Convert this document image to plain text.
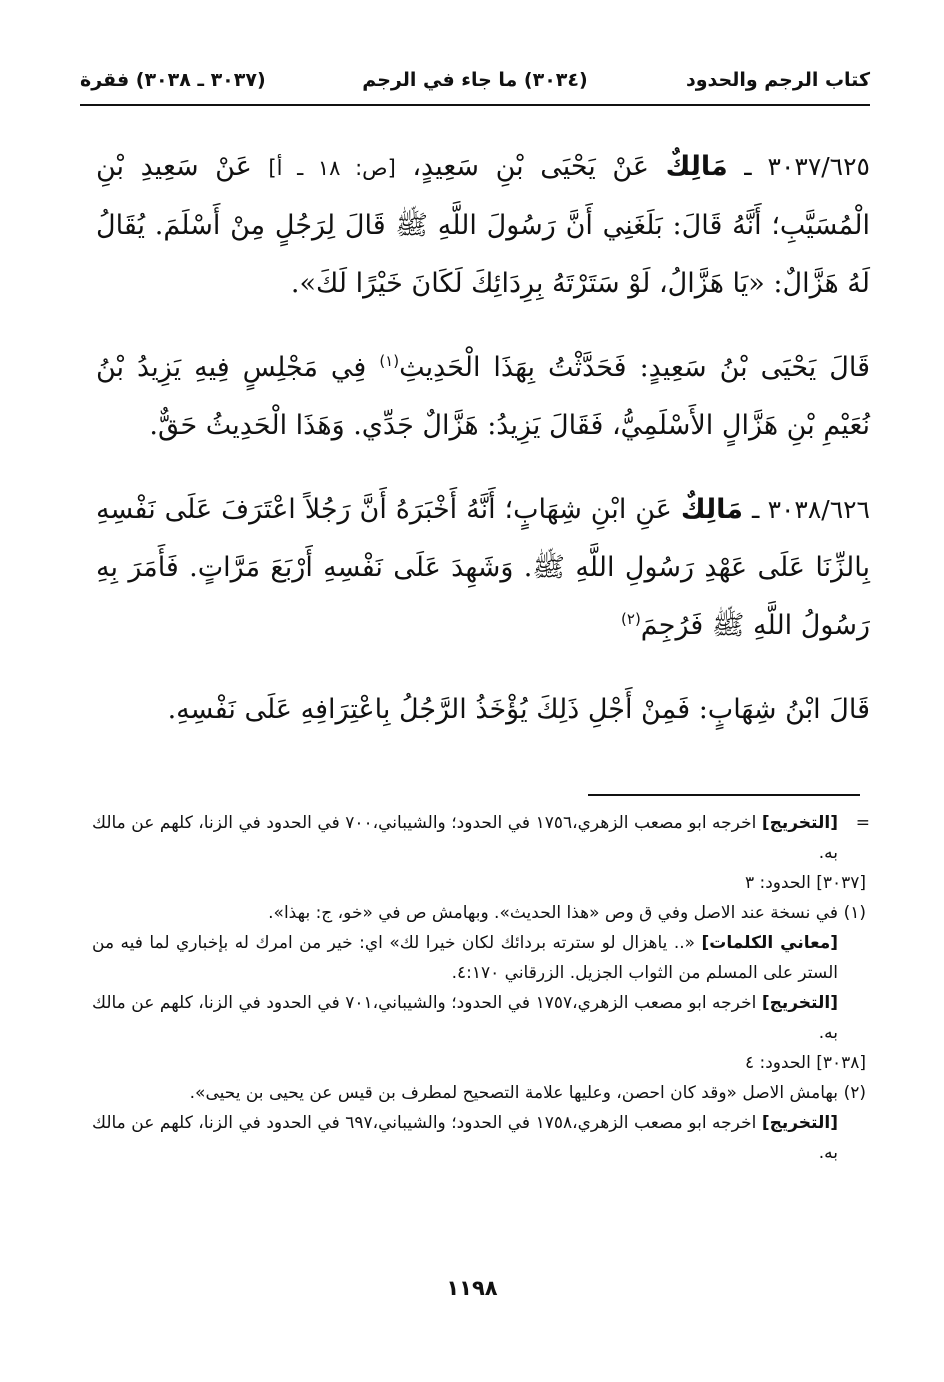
كتاب الرجم والحدود
(٣٠٣٤) ما جاء في الرجم
(٣٠٣٧ ـ ٣٠٣٨) فقرة

٣٠٣٧/٦٢٥ ـ مَالِكٌ عَنْ يَحْيَى بْنِ سَعِيدٍ، [ص: ١٨ ـ أ] عَنْ سَعِيدِ بْنِ الْمُسَيَّبِ؛ أَنَّهُ قَالَ: بَلَغَنِي أَنَّ رَسُولَ اللَّهِ ﷺ قَالَ لِرَجُلٍ مِنْ أَسْلَمَ. يُقَالُ لَهُ هَزَّالٌ: «يَا هَزَّالُ، لَوْ سَتَرْتَهُ بِرِدَائِكَ لَكَانَ خَيْرًا لَكَ».

قَالَ يَحْيَى بْنُ سَعِيدٍ: فَحَدَّثْتُ بِهَذَا الْحَدِيثِ$^{(١)}$ فِي مَجْلِسٍ فِيهِ يَزِيدُ بْنُ نُعَيْمِ بْنِ هَزَّالٍ الأَسْلَمِيُّ، فَقَالَ يَزِيدُ: هَزَّالٌ جَدِّي. وَهَذَا الْحَدِيثُ حَقٌّ.

٣٠٣٨/٦٢٦ ـ مَالِكٌ عَنِ ابْنِ شِهَابٍ؛ أَنَّهُ أَخْبَرَهُ أَنَّ رَجُلاً اعْتَرَفَ عَلَى نَفْسِهِ بِالزِّنَا عَلَى عَهْدِ رَسُولِ اللَّهِ ﷺ. وَشَهِدَ عَلَى نَفْسِهِ أَرْبَعَ مَرَّاتٍ. فَأَمَرَ بِهِ رَسُولُ اللَّهِ ﷺ فَرُجِمَ$^{(٢)}$

قَالَ ابْنُ شِهَابٍ: فَمِنْ أَجْلِ ذَلِكَ يُؤْخَذُ الرَّجُلُ بِاعْتِرَافِهِ عَلَى نَفْسِهِ.

=
[التخريج] اخرجه ابو مصعب الزهري،١٧٥٦ في الحدود؛ والشيباني،٧٠٠ في الحدود في الزنا، كلهم عن مالك به.

[٣٠٣٧] الحدود: ٣

(١)
في نسخة عند الاصل وفي ق وص «هذا الحديث». وبهامش ص في «خو، ج: بهذا».

[معاني الكلمات] «.. ياهزال لو سترته بردائك لكان خيرا لك» اي: خير من امرك له بإخباري لما فيه من الستر على المسلم من الثواب الجزيل. الزرقاني ٤:١٧٠.

[التخريج] اخرجه ابو مصعب الزهري،١٧٥٧ في الحدود؛ والشيباني،٧٠١ في الحدود في الزنا، كلهم عن مالك به.

[٣٠٣٨] الحدود: ٤

(٢)
بهامش الاصل «وقد كان احصن، وعليها علامة التصحيح لمطرف بن قيس عن يحيى بن يحيى».

[التخريج] اخرجه ابو مصعب الزهري،١٧٥٨ في الحدود؛ والشيباني،٦٩٧ في الحدود في الزنا، كلهم عن مالك به.

١١٩٨
